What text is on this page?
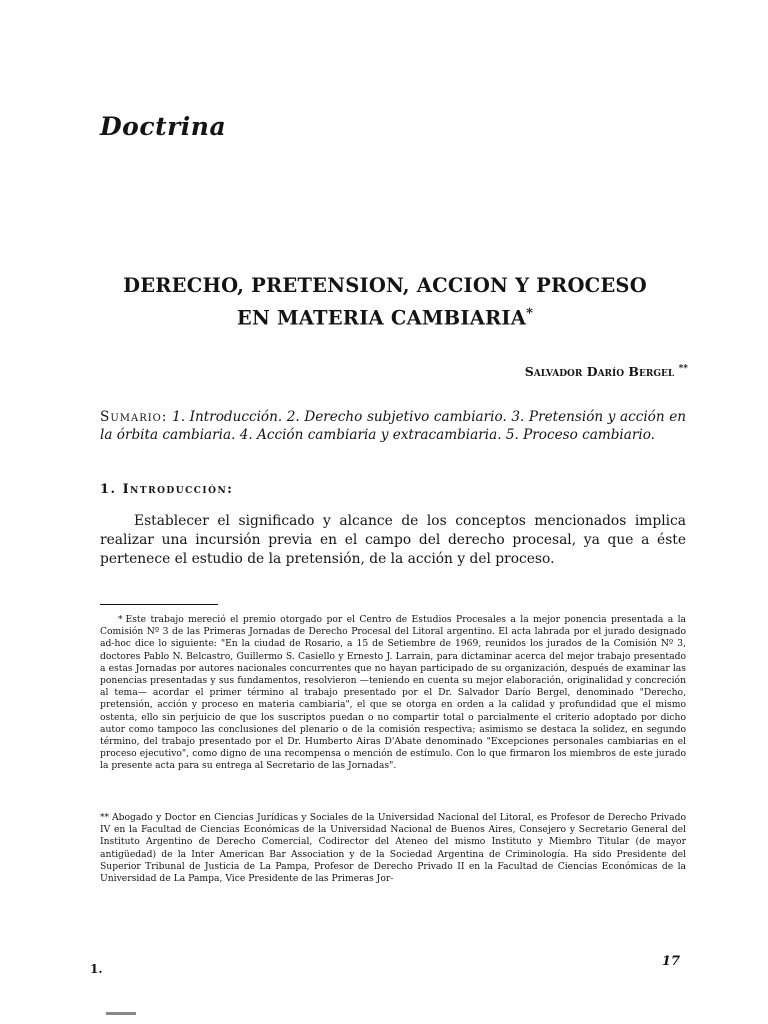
Doctrina
DERECHO, PRETENSION, ACCION Y PROCESO
EN MATERIA CAMBIARIA*
Salvador Darío Bergel **

Sumario: 1. Introducción. 2. Derecho subjetivo cambiario. 3. Pretensión y acción en la órbita cambiaria. 4. Acción cambiaria y extracambiaria. 5. Proceso cambiario.

1. Introducción:

Establecer el significado y alcance de los conceptos mencionados implica realizar una incursión previa en el campo del derecho procesal, ya que a éste pertenece el estudio de la pretensión, de la acción y del proceso.

* Este trabajo mereció el premio otorgado por el Centro de Estudios Procesales a la mejor ponencia presentada a la Comisión Nº 3 de las Primeras Jornadas de Derecho Procesal del Litoral argentino. El acta labrada por el jurado designado ad-hoc dice lo siguiente: "En la ciudad de Rosario, a 15 de Setiembre de 1969, reunidos los jurados de la Comisión Nº 3, doctores Pablo N. Belcastro, Guillermo S. Casiello y Ernesto J. Larrain, para dictaminar acerca del mejor trabajo presentado a estas Jornadas por autores nacionales concurrentes que no hayan participado de su organización, después de examinar las ponencias presentadas y sus fundamentos, resolvieron —teniendo en cuenta su mejor elaboración, originalidad y concreción al tema— acordar el primer término al trabajo presentado por el Dr. Salvador Darío Bergel, denominado "Derecho, pretensión, acción y proceso en materia cambiaria", el que se otorga en orden a la calidad y profundidad que el mismo ostenta, ello sin perjuicio de que los suscriptos puedan o no compartir total o parcialmente el criterio adoptado por dicho autor como tampoco las conclusiones del plenario o de la comisión respectiva; asimismo se destaca la solidez, en segundo término, del trabajo presentado por el Dr. Humberto Airas D'Abate denominado "Excepciones personales cambiarias en el proceso ejecutivo", como digno de una recompensa o mención de estímulo. Con lo que firmaron los miembros de este jurado la presente acta para su entrega al Secretario de las Jornadas".

** Abogado y Doctor en Ciencias Jurídicas y Sociales de la Universidad Nacional del Litoral, es Profesor de Derecho Privado IV en la Facultad de Ciencias Económicas de la Universidad Nacional de Buenos Aires, Consejero y Secretario General del Instituto Argentino de Derecho Comercial, Codirector del Ateneo del mismo Instituto y Miembro Titular (de mayor antigüedad) de la Inter American Bar Association y de la Sociedad Argentina de Criminología. Ha sido Presidente del Superior Tribunal de Justicia de La Pampa, Profesor de Derecho Privado II en la Facultad de Ciencias Económicas de la Universidad de La Pampa, Vice Presidente de las Primeras Jor-

17
1.
